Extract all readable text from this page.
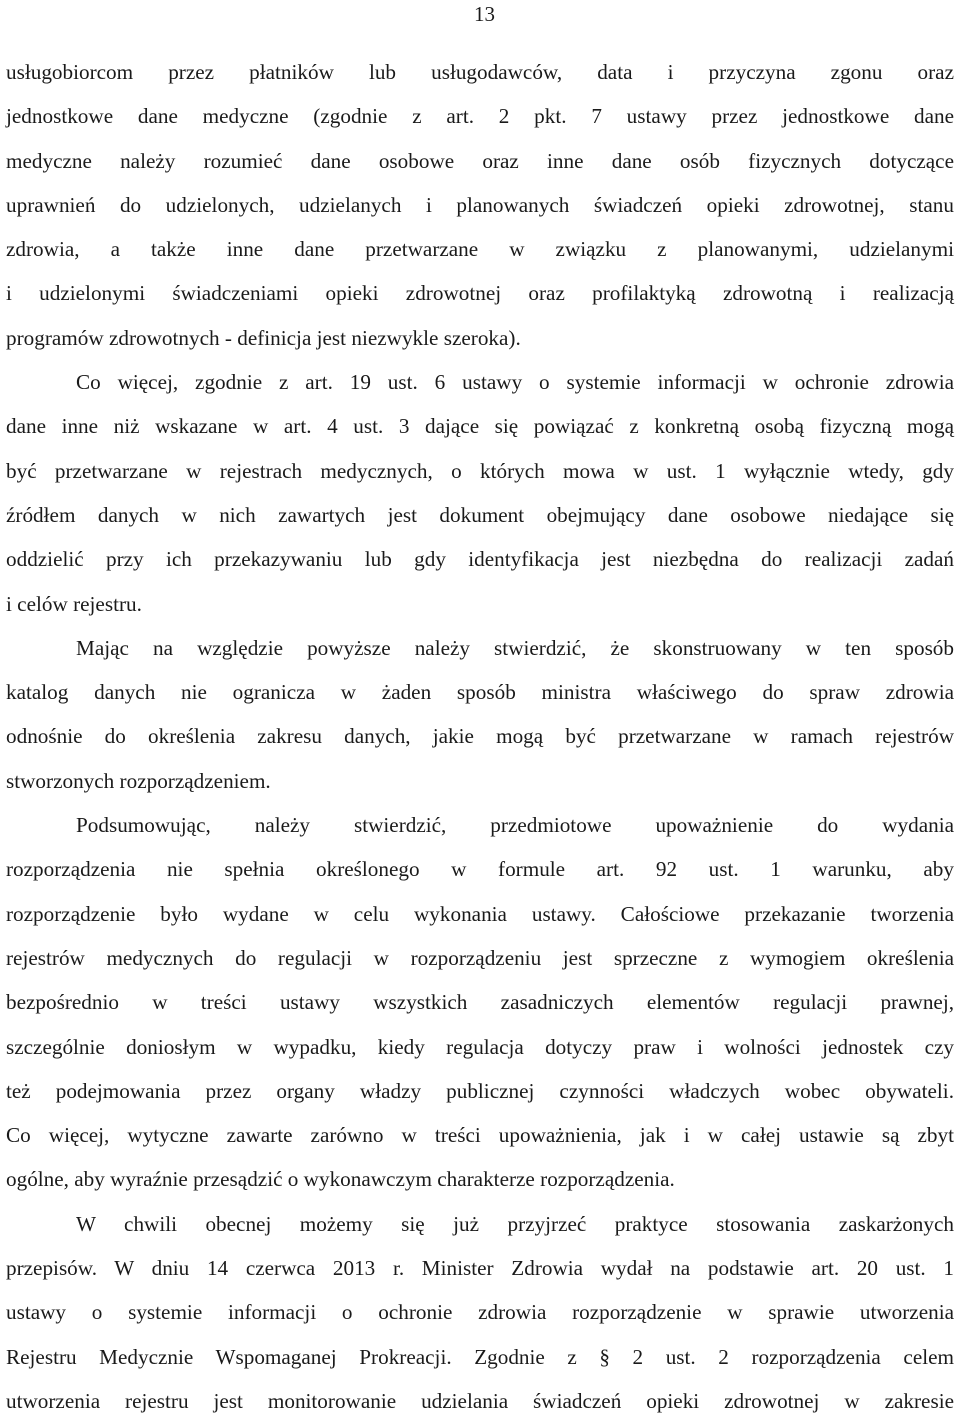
13
usługobiorcom przez płatników lub usługodawców, data i przyczyna zgonu oraz
jednostkowe dane medyczne (zgodnie z art. 2 pkt. 7 ustawy przez jednostkowe dane
medyczne należy rozumieć dane osobowe oraz inne dane osób fizycznych dotyczące
uprawnień do udzielonych, udzielanych i planowanych świadczeń opieki zdrowotnej, stanu
zdrowia, a także inne dane przetwarzane w związku z planowanymi, udzielanymi
i udzielonymi świadczeniami opieki zdrowotnej oraz profilaktyką zdrowotną i realizacją
programów zdrowotnych - definicja jest niezwykle szeroka).
Co więcej, zgodnie z art. 19 ust. 6 ustawy o systemie informacji w ochronie zdrowia
dane inne niż wskazane w art. 4 ust. 3 dające się powiązać z konkretną osobą fizyczną mogą
być przetwarzane w rejestrach medycznych, o których mowa w ust. 1 wyłącznie wtedy, gdy
źródłem danych w nich zawartych jest dokument obejmujący dane osobowe niedające się
oddzielić przy ich przekazywaniu lub gdy identyfikacja jest niezbędna do realizacji zadań
i celów rejestru.
Mając na względzie powyższe należy stwierdzić, że skonstruowany w ten sposób
katalog danych nie ogranicza w żaden sposób ministra właściwego do spraw zdrowia
odnośnie do określenia zakresu danych, jakie mogą być przetwarzane w ramach rejestrów
stworzonych rozporządzeniem.
Podsumowując, należy stwierdzić, przedmiotowe upoważnienie do wydania
rozporządzenia nie spełnia określonego w formule art. 92 ust. 1 warunku, aby
rozporządzenie było wydane w celu wykonania ustawy. Całościowe przekazanie tworzenia
rejestrów medycznych do regulacji w rozporządzeniu jest sprzeczne z wymogiem określenia
bezpośrednio w treści ustawy wszystkich zasadniczych elementów regulacji prawnej,
szczególnie doniosłym w wypadku, kiedy regulacja dotyczy praw i wolności jednostek czy
też podejmowania przez organy władzy publicznej czynności władczych wobec obywateli.
Co więcej, wytyczne zawarte zarówno w treści upoważnienia, jak i w całej ustawie są zbyt
ogólne, aby wyraźnie przesądzić o wykonawczym charakterze rozporządzenia.
W chwili obecnej możemy się już przyjrzeć praktyce stosowania zaskarżonych
przepisów. W dniu 14 czerwca 2013 r. Minister Zdrowia wydał na podstawie art. 20 ust. 1
ustawy o systemie informacji o ochronie zdrowia rozporządzenie w sprawie utworzenia
Rejestru Medycznie Wspomaganej Prokreacji. Zgodnie z § 2 ust. 2 rozporządzenia celem
utworzenia rejestru jest monitorowanie udzielania świadczeń opieki zdrowotnej w zakresie
